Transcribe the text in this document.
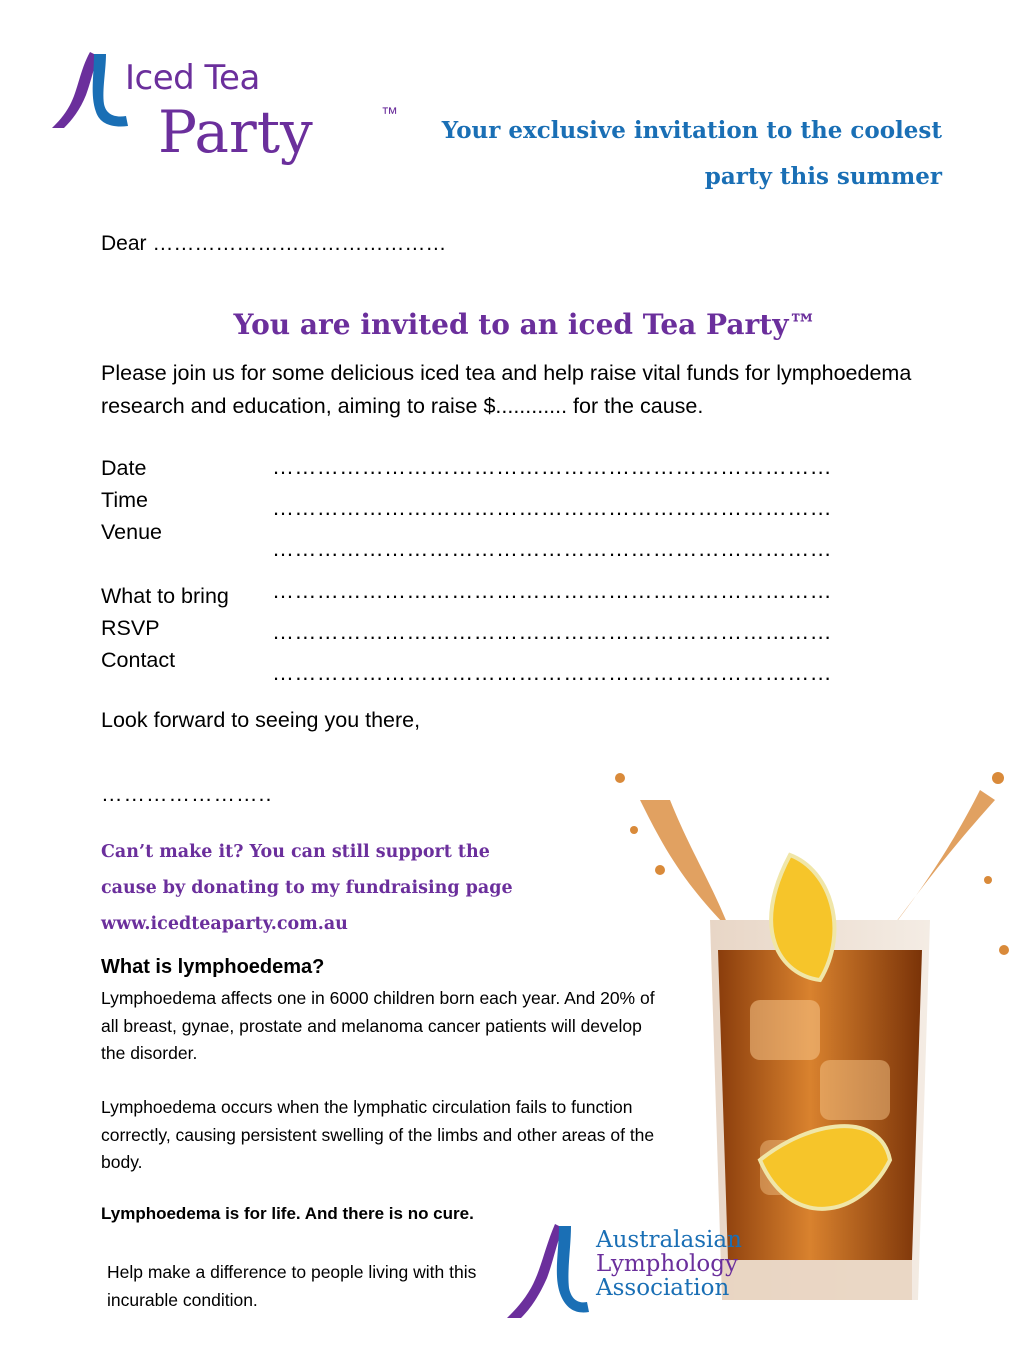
Iced Tea
Party	™
Your exclusive invitation to the coolest
party this summer
Dear ……………………………………
You are invited to an iced Tea Party™
Please join us for some delicious iced tea and help raise vital funds for lymphoedema research and education, aiming to raise $............ for the cause.
Date
Time
Venue
What to bring
RSVP
Contact
…………………………………………………………………
…………………………………………………………………
…………………………………………………………………
…………………………………………………………………
…………………………………………………………………
…………………………………………………………………
Look forward to seeing you there,
…………………..
Can’t make it? You can still support the
cause by donating to my fundraising page
www.icedteaparty.com.au
What is lymphoedema?
Lymphoedema affects one in 6000 children born each year. And 20% of all breast, gynae, prostate and melanoma cancer patients will develop the disorder.
Lymphoedema occurs when the lymphatic circulation fails to function correctly, causing persistent swelling of the limbs and other areas of the body.
Lymphoedema is for life. And there is no cure.
Help make a difference to people living with this incurable condition.
Australasian
Lymphology
Association
